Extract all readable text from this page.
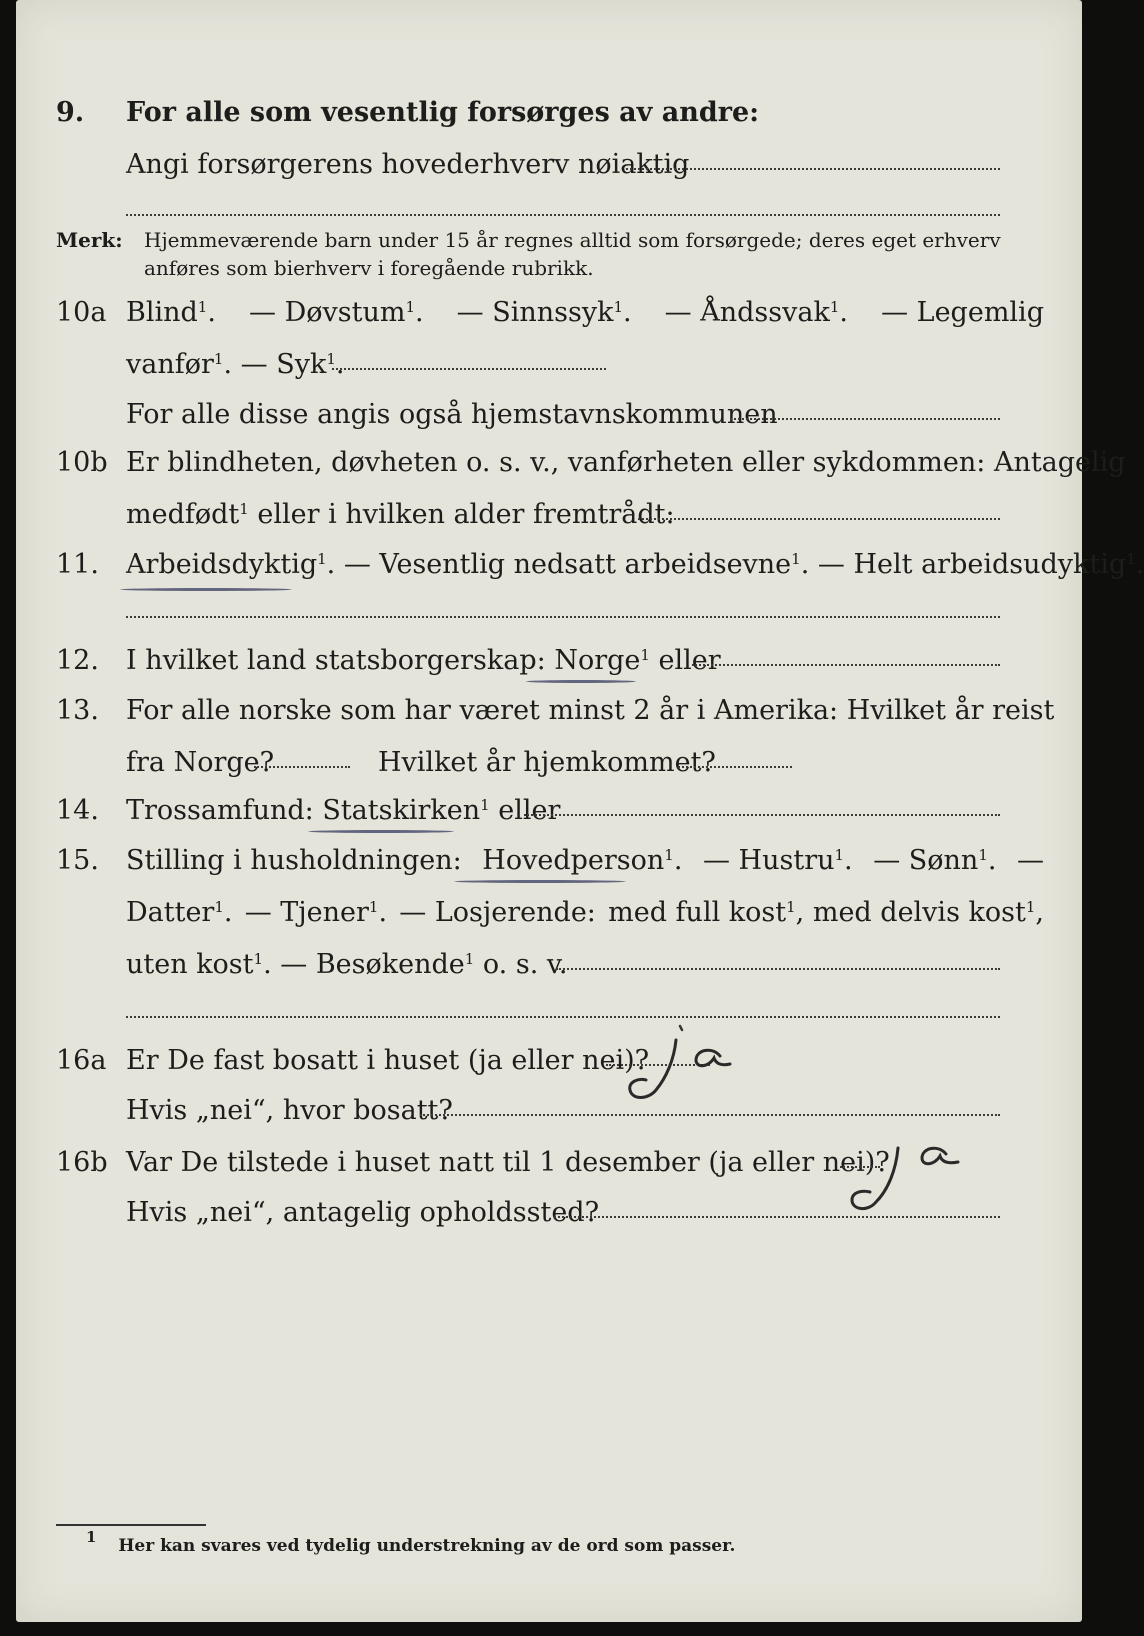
9. For alle som vesentlig forsørges av andre:
Angi forsørgerens hovederhverv nøiaktig
Merk: Hjemmeværende barn under 15 år regnes alltid som forsørgede; deres eget erhverv
anføres som bierhverv i foregående rubrikk.
10a Blind$^1$. — Døvstum$^1$. — Sinnssyk$^1$. — Åndssvak$^1$. — Legemlig
vanfør$^1$. — Syk$^1$.
For alle disse angis også hjemstavnskommunen
10b Er blindheten, døvheten o. s. v., vanførheten eller sykdommen: Antagelig
medfødt$^1$ eller i hvilken alder fremtrådt:
11. Arbeidsdyktig$^1$. — Vesentlig nedsatt arbeidsevne$^1$. — Helt arbeidsudyktig$^1$.
12. I hvilket land statsborgerskap: Norge$^1$ eller
13. For alle norske som har været minst 2 år i Amerika: Hvilket år reist
fra Norge?	Hvilket år hjemkommet?
14. Trossamfund: Statskirken$^1$ eller
15. Stilling i husholdningen: Hovedperson$^1$. — Hustru$^1$. — Sønn$^1$. —
Datter$^1$. — Tjener$^1$. — Losjerende: med full kost$^1$, med delvis kost$^1$,
uten kost$^1$. — Besøkende$^1$ o. s. v.
16a Er De fast bosatt i huset (ja eller nei)?
ja
Hvis „nei“, hvor bosatt?
16b Var De tilstede i huset natt til 1 desember (ja eller nei)?
ja
Hvis „nei“, antagelig opholdssted?
$^1$ Her kan svares ved tydelig understrekning av de ord som passer.
